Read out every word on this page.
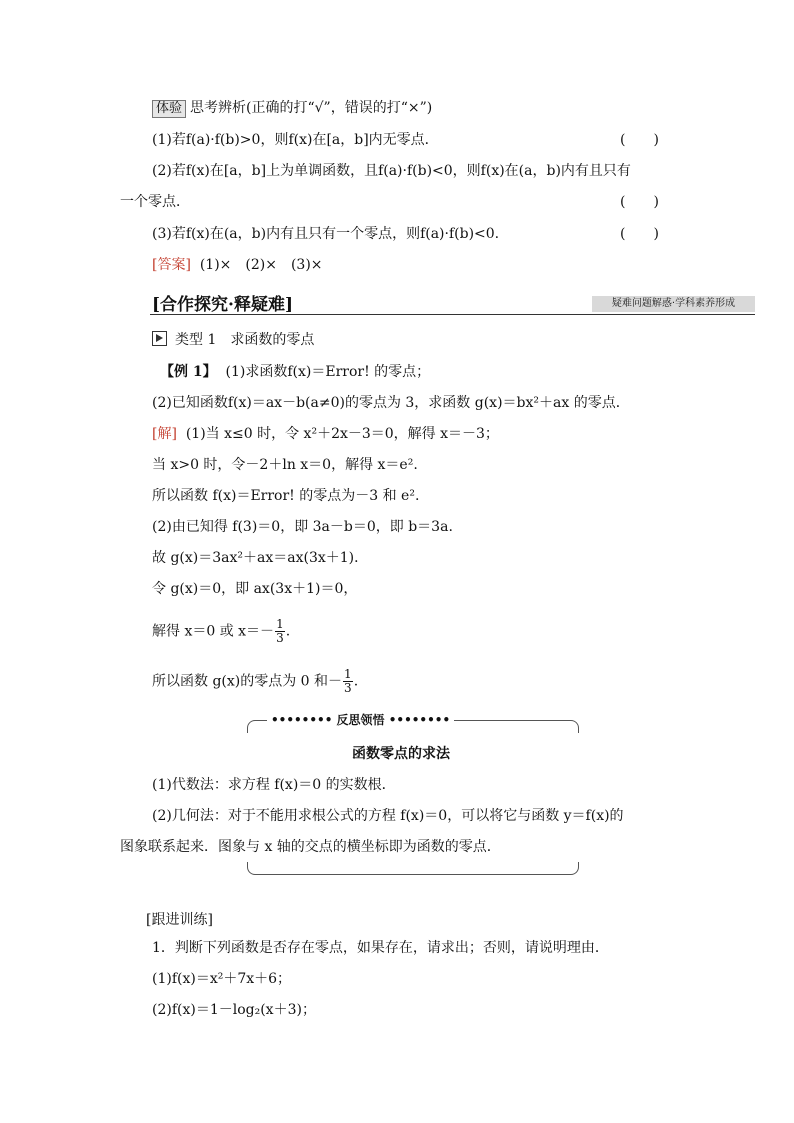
体验 思考辨析(正确的打“√”，错误的打“×”)
(1)若f(a)·f(b)>0，则f(x)在[a，b]内无零点．	(　　)
(2)若f(x)在[a，b]上为单调函数，且f(a)·f(b)<0，则f(x)在(a，b)内有且只有
一个零点．	(　　)
(3)若f(x)在(a，b)内有且只有一个零点，则f(a)·f(b)<0.	(　　)
[答案] (1)×　(2)×　(3)×
[合作探究·释疑难]	疑难问题解惑·学科素养形成
类型 1　求函数的零点
【例 1】 (1)求函数f(x)＝Error! 的零点；
(2)已知函数f(x)＝ax－b(a≠0)的零点为 3，求函数 g(x)＝bx²＋ax 的零点．
[解] (1)当 x≤0 时，令 x²＋2x－3＝0，解得 x＝－3；
当 x>0 时，令－2＋ln x＝0，解得 x＝e².
所以函数 f(x)＝Error! 的零点为－3 和 e².
(2)由已知得 f(3)＝0，即 3a－b＝0，即 b＝3a.
故 g(x)＝3ax²＋ax＝ax(3x＋1)．
令 g(x)＝0，即 ax(3x＋1)＝0，
解得 x＝0 或 $x=- \frac{1}{3}$ .
所以函数 g(x)的零点为 0 和－ $\frac{1}{3}$ .
•••••••• 反思领悟 ••••••••
函数零点的求法
(1)代数法：求方程 f(x)＝0 的实数根．
(2)几何法：对于不能用求根公式的方程 f(x)＝0，可以将它与函数 y＝f(x)的
图象联系起来．图象与 x 轴的交点的横坐标即为函数的零点．
[跟进训练]
1．判断下列函数是否存在零点，如果存在，请求出；否则，请说明理由．
(1)f(x)＝x²＋7x＋6；
(2)f(x)＝1－log₂(x＋3)；
